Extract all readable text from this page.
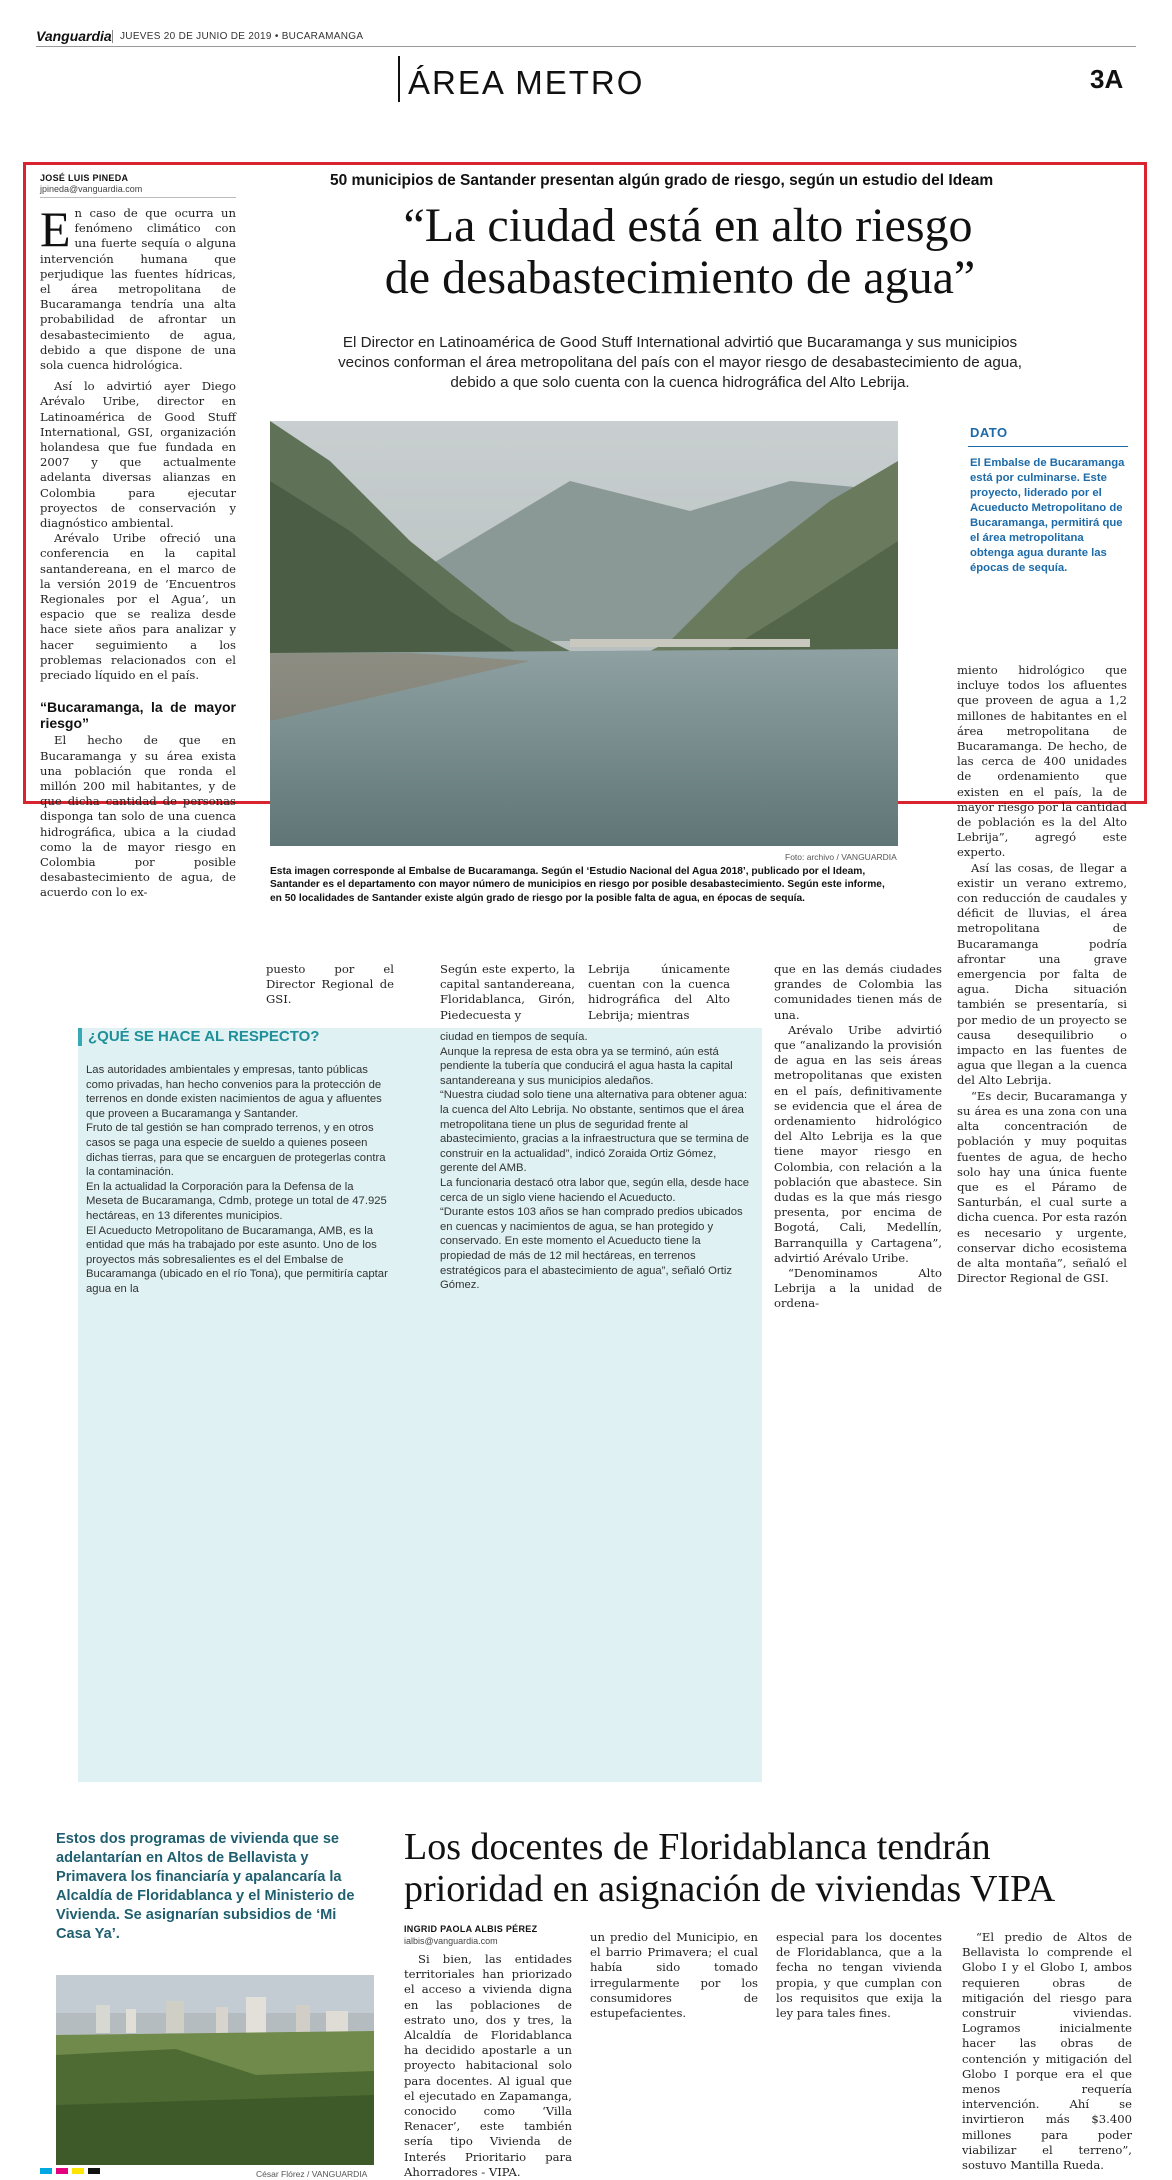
Vanguardia JUEVES 20 DE JUNIO DE 2019 • BUCARAMANGA
ÁREA METRO	3A
JOSÉ LUIS PINEDA
jpineda@vanguardia.com	50 municipios de Santander presentan algún grado de riesgo, según un estudio del Ideam
“La ciudad está en alto riesgo
de desabastecimiento de agua”
El Director en Latinoamérica de Good Stuff International advirtió que Bucaramanga y sus municipios
vecinos conforman el área metropolitana del país con el mayor riesgo de desabastecimiento de agua,
debido a que solo cuenta con la cuenca hidrográfica del Alto Lebrija.

En caso de que ocurra un fenómeno climático con una fuerte sequía o alguna intervención humana que perjudique las fuentes hídricas, el área metropolitana de Bucaramanga tendría una alta probabilidad de afrontar un desabastecimiento de agua, debido a que dispone de una sola cuenca hidrológica.

Así lo advirtió ayer Diego Arévalo Uribe, director en Latinoamérica de Good Stuff International, GSI, organización holandesa que fue fundada en 2007 y que actualmente adelanta diversas alianzas en Colombia para ejecutar proyectos de conservación y diagnóstico ambiental.

Arévalo Uribe ofreció una conferencia en la capital santandereana, en el marco de la versión 2019 de ‘Encuentros Regionales por el Agua’, un espacio que se realiza desde hace siete años para analizar y hacer seguimiento a los problemas relacionados con el preciado líquido en el país.

“Bucaramanga, la de mayor riesgo”

El hecho de que en Bucaramanga y su área exista una población que ronda el millón 200 mil habitantes, y de que dicha cantidad de personas disponga tan solo de una cuenca hidrográfica, ubica a la ciudad como la de mayor riesgo en Colombia por posible desabastecimiento de agua, de acuerdo con lo ex-

Foto: archivo / VANGUARDIA
Esta imagen corresponde al Embalse de Bucaramanga. Según el ‘Estudio Nacional del Agua 2018’, publicado por el Ideam, Santander es el departamento con mayor número de municipios en riesgo por posible desabastecimiento. Según este informe, en 50 localidades de Santander existe algún grado de riesgo por la posible falta de agua, en épocas de sequía.
DATO
El Embalse de Bucaramanga está por culminarse. Este proyecto, liderado por el Acueducto Metropolitano de Bucaramanga, permitirá que el área metropolitana obtenga agua durante las épocas de sequía.

miento hidrológico que incluye todos los afluentes que proveen de agua a 1,2 millones de habitantes en el área metropolitana de Bucaramanga. De hecho, de las cerca de 400 unidades de ordenamiento que existen en el país, la de mayor riesgo por la cantidad de población es la del Alto Lebrija”, agregó este experto.

Así las cosas, de llegar a existir un verano extremo, con reducción de caudales y déficit de lluvias, el área metropolitana de Bucaramanga podría afrontar una grave emergencia por falta de agua. Dicha situación también se presentaría, si por medio de un proyecto se causa desequilibrio o impacto en las fuentes de agua que llegan a la cuenca del Alto Lebrija.

“Es decir, Bucaramanga y su área es una zona con una alta concentración de población y muy poquitas fuentes de agua, de hecho solo hay una única fuente que es el Páramo de Santurbán, el cual surte a dicha cuenca. Por esta razón es necesario y urgente, conservar dicho ecosistema de alta montaña”, señaló el Director Regional de GSI.

puesto por el Director Regional de GSI.

Según este experto, la capital santandereana, Floridablanca, Girón, Piedecuesta y

Lebrija únicamente cuentan con la cuenca hidrográfica del Alto Lebrija; mientras

que en las demás ciudades grandes de Colombia las comunidades tienen más de una.

Arévalo Uribe advirtió que “analizando la provisión de agua en las seis áreas metropolitanas que existen en el país, definitivamente se evidencia que el área de ordenamiento hidrológico del Alto Lebrija es la que tiene mayor riesgo en Colombia, con relación a la población que abastece. Sin dudas es la que más riesgo presenta, por encima de Bogotá, Cali, Medellín, Barranquilla y Cartagena”, advirtió Arévalo Uribe.

“Denominamos Alto Lebrija a la unidad de ordena-

¿QUÉ SE HACE AL RESPECTO?
Las autoridades ambientales y empresas, tanto públicas como privadas, han hecho convenios para la protección de terrenos en donde existen nacimientos de agua y afluentes que proveen a Bucaramanga y Santander.
Fruto de tal gestión se han comprado terrenos, y en otros casos se paga una especie de sueldo a quienes poseen dichas tierras, para que se encarguen de protegerlas contra la contaminación.
En la actualidad la Corporación para la Defensa de la Meseta de Bucaramanga, Cdmb, protege un total de 47.925 hectáreas, en 13 diferentes municipios.
El Acueducto Metropolitano de Bucaramanga, AMB, es la entidad que más ha trabajado por este asunto. Uno de los proyectos más sobresalientes es el del Embalse de Bucaramanga (ubicado en el río Tona), que permitiría captar agua en la
ciudad en tiempos de sequía.
Aunque la represa de esta obra ya se terminó, aún está pendiente la tubería que conducirá el agua hasta la capital santandereana y sus municipios aledaños.
“Nuestra ciudad solo tiene una alternativa para obtener agua: la cuenca del Alto Lebrija. No obstante, sentimos que el área metropolitana tiene un plus de seguridad frente al abastecimiento, gracias a la infraestructura que se termina de construir en la actualidad”, indicó Zoraida Ortiz Gómez, gerente del AMB.
La funcionaria destacó otra labor que, según ella, desde hace cerca de un siglo viene haciendo el Acueducto.
“Durante estos 103 años se han comprado predios ubicados en cuencas y nacimientos de agua, se han protegido y conservado. En este momento el Acueducto tiene la propiedad de más de 12 mil hectáreas, en terrenos estratégicos para el abastecimiento de agua”, señaló Ortiz Gómez.
Estos dos programas de vivienda que se adelantarían en Altos de Bellavista y Primavera los financiaría y apalancaría la Alcaldía de Floridablanca y el Ministerio de Vivienda. Se asignarían subsidios de ‘Mi Casa Ya’.
César Flórez / VANGUARDIA
Los docentes de Floridablanca tendrán
prioridad en asignación de viviendas VIPA
INGRID PAOLA ALBIS PÉREZ
ialbis@vanguardia.com

Si bien, las entidades territoriales han priorizado el acceso a vivienda digna en las poblaciones de estrato uno, dos y tres, la Alcaldía de Floridablanca ha decidido apostarle a un proyecto habitacional solo para docentes. Al igual que el ejecutado en Zapamanga, conocido como ‘Villa Renacer’, este también sería tipo Vivienda de Interés Prioritario para Ahorradores - VIPA.

un predio del Municipio, en el barrio Primavera; el cual había sido tomado irregularmente por los consumidores de estupefacientes.

especial para los docentes de Floridablanca, que a la fecha no tengan vivienda propia, y que cumplan con los requisitos que exija la ley para tales fines.

“El predio de Altos de Bellavista lo comprende el Globo I y el Globo I, ambos requieren obras de mitigación del riesgo para construir viviendas. Logramos inicialmente hacer las obras de contención y mitigación del Globo I porque era el que menos requería intervención. Ahí se invirtieron más $3.400 millones para poder viabilizar el terreno”, sostuvo Mantilla Rueda.
